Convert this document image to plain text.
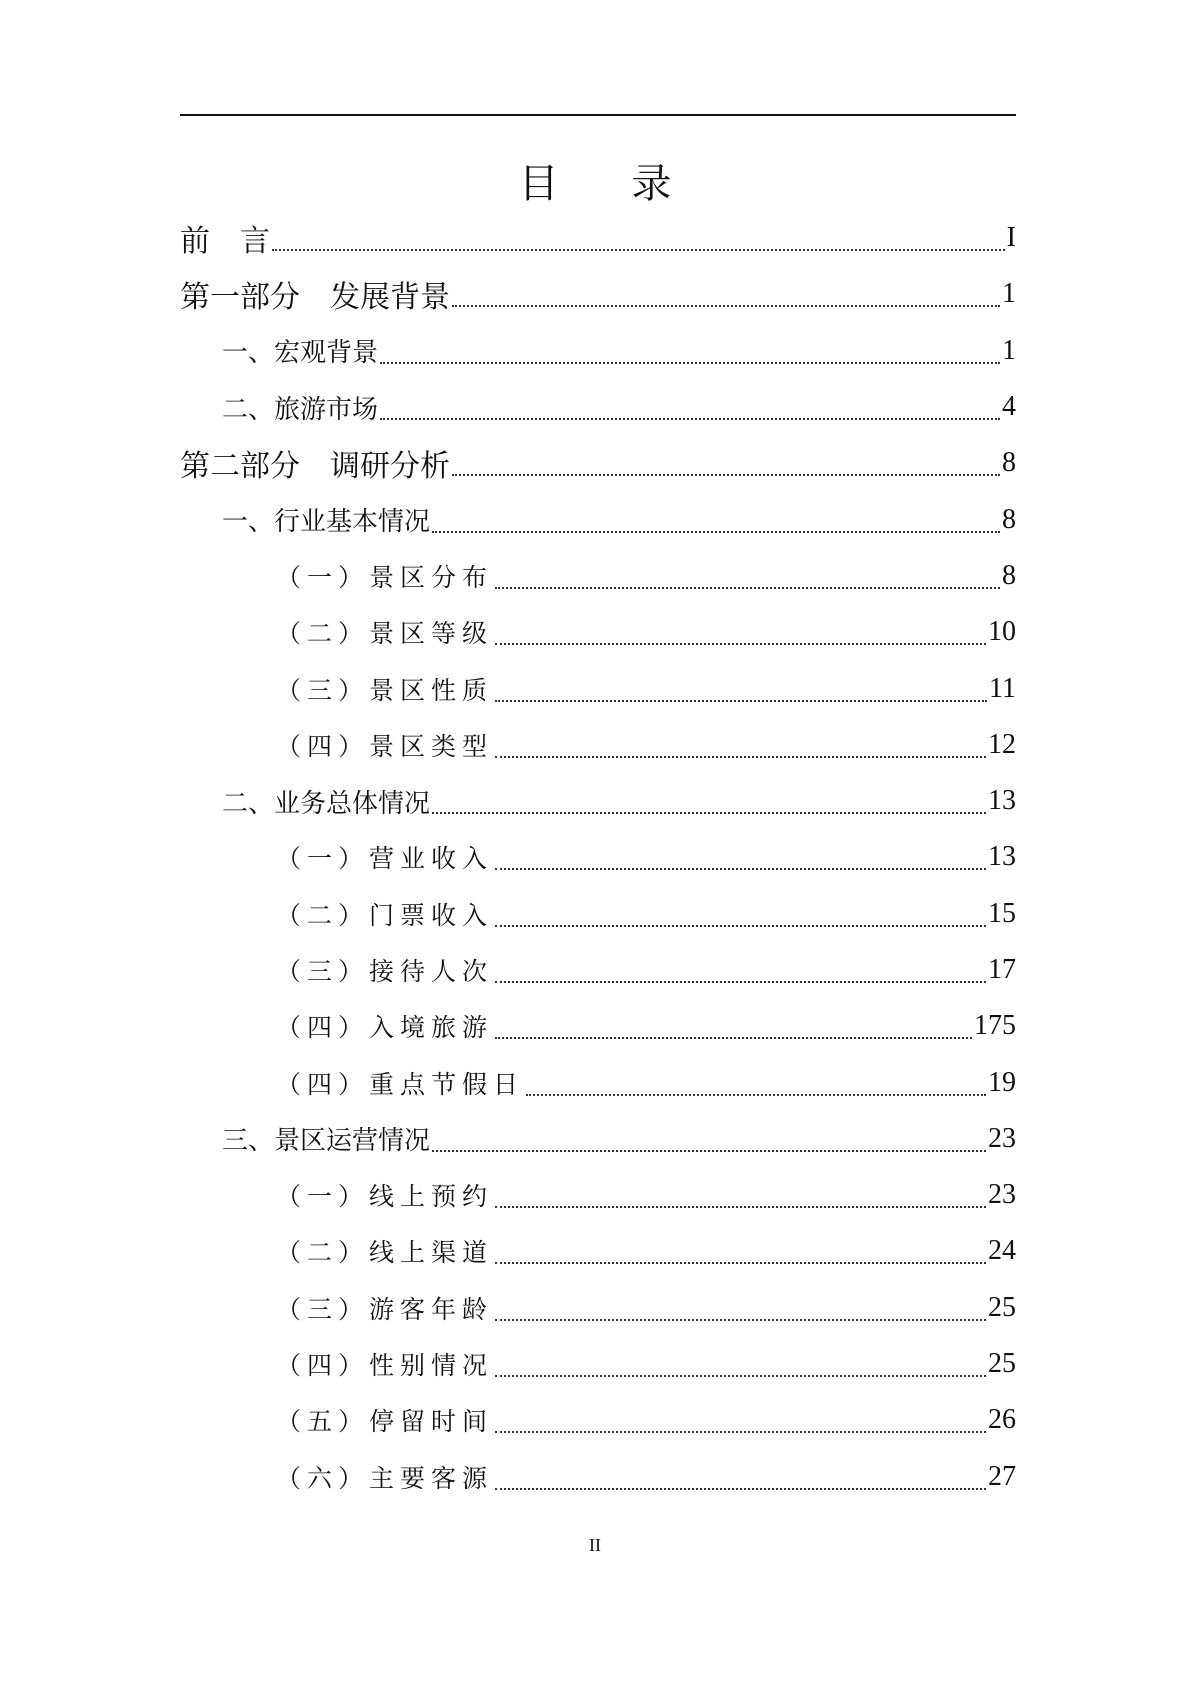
目 录
前　言	I
第一部分　发展背景	1
一、宏观背景	1
二、旅游市场	4
第二部分　调研分析	8
一、行业基本情况	8
（一）景区分布	8
（二）景区等级	10
（三）景区性质	11
（四）景区类型	12
二、业务总体情况	13
（一）营业收入	13
（二）门票收入	15
（三）接待人次	17
（四）入境旅游	175
（四）重点节假日	19
三、景区运营情况	23
（一）线上预约	23
（二）线上渠道	24
（三）游客年龄	25
（四）性别情况	25
（五）停留时间	26
（六）主要客源	27
II
